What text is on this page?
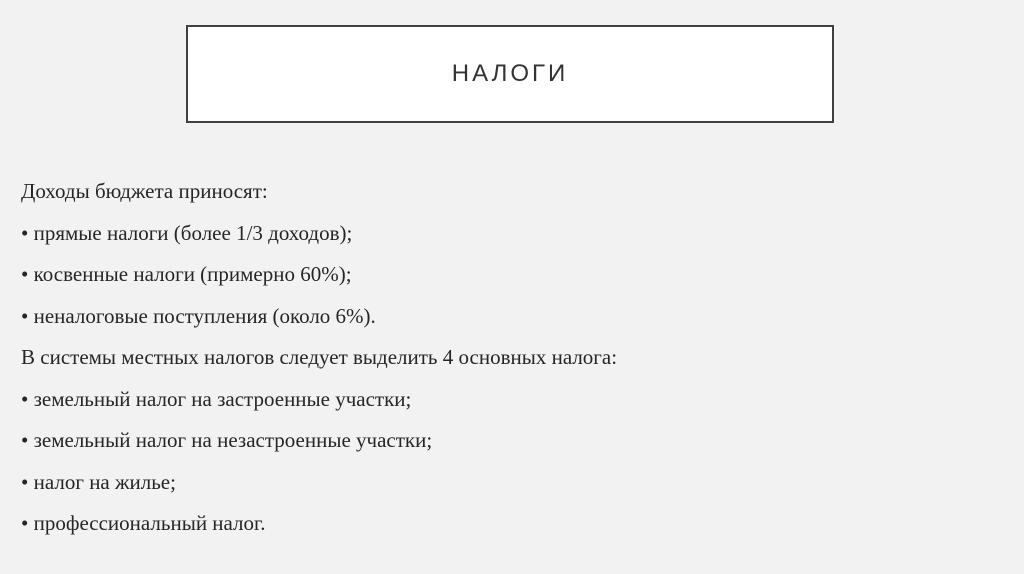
НАЛОГИ
Доходы бюджета приносят:
• прямые налоги (более 1/3 доходов);
• косвенные налоги (примерно 60%);
• неналоговые поступления (около 6%).
В системы местных налогов следует выделить 4 основных налога:
• земельный налог на застроенные участки;
• земельный налог на незастроенные участки;
• налог на жилье;
• профессиональный налог.
